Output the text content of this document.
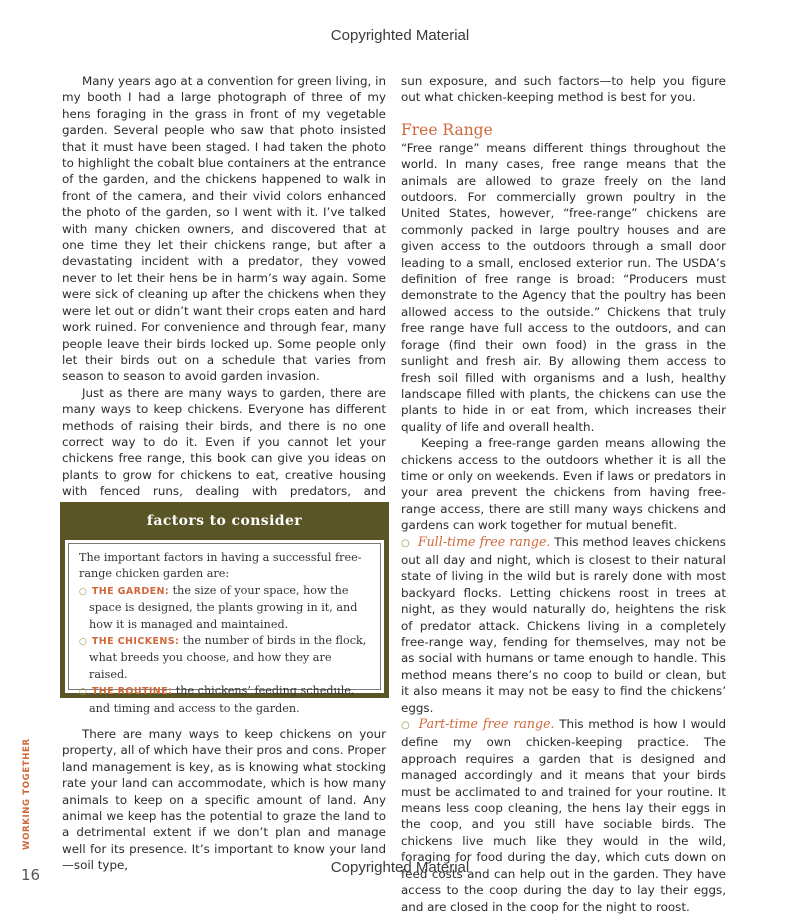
Copyrighted Material

Many years ago at a convention for green living, in my booth I had a large photograph of three of my hens foraging in the grass in front of my vegetable garden. Several people who saw that photo insisted that it must have been staged. I had taken the photo to highlight the cobalt blue containers at the entrance of the garden, and the chickens happened to walk in front of the camera, and their vivid colors enhanced the photo of the garden, so I went with it. I’ve talked with many chicken owners, and discovered that at one time they let their chickens range, but after a devastating incident with a predator, they vowed never to let their hens be in harm’s way again. Some were sick of cleaning up after the chickens when they were let out or didn’t want their crops eaten and hard work ruined. For convenience and through fear, many people leave their birds locked up. Some people only let their birds out on a schedule that varies from season to season to avoid garden invasion.

Just as there are many ways to garden, there are many ways to keep chickens. Everyone has different methods of raising their birds, and there is no one correct way to do it. Even if you cannot let your chickens free range, this book can give you ideas on plants to grow for chickens to eat, creative housing with fenced runs, dealing with predators, and

factors to consider

The important factors in having a successful free-range chicken garden are:

○ THE GARDEN: the size of your space, how the space is designed, the plants growing in it, and how it is managed and maintained.

○ THE CHICKENS: the number of birds in the flock, what breeds you choose, and how they are raised.

○ THE ROUTINE: the chickens’ feeding schedule, and timing and access to the garden.

There are many ways to keep chickens on your property, all of which have their pros and cons. Proper land management is key, as is knowing what stocking rate your land can accommodate, which is how many animals to keep on a specific amount of land. Any animal we keep has the potential to graze the land to a detrimental extent if we don’t plan and manage well for its presence. It’s important to know your land—soil type,

sun exposure, and such factors—to help you figure out what chicken-keeping method is best for you.

Free Range

“Free range” means different things throughout the world. In many cases, free range means that the animals are allowed to graze freely on the land outdoors. For commercially grown poultry in the United States, however, “free-range” chickens are commonly packed in large poultry houses and are given access to the outdoors through a small door leading to a small, enclosed exterior run. The USDA’s definition of free range is broad: “Producers must demonstrate to the Agency that the poultry has been allowed access to the outside.” Chickens that truly free range have full access to the outdoors, and can forage (find their own food) in the grass in the sunlight and fresh air. By allowing them access to fresh soil filled with organisms and a lush, healthy landscape filled with plants, the chickens can use the plants to hide in or eat from, which increases their quality of life and overall health.

Keeping a free-range garden means allowing the chickens access to the outdoors whether it is all the time or only on weekends. Even if laws or predators in your area prevent the chickens from having free-range access, there are still many ways chickens and gardens can work together for mutual benefit.

○ Full-time free range. This method leaves chickens out all day and night, which is closest to their natural state of living in the wild but is rarely done with most backyard flocks. Letting chickens roost in trees at night, as they would naturally do, heightens the risk of predator attack. Chickens living in a completely free-range way, fending for themselves, may not be as social with humans or tame enough to handle. This method means there’s no coop to build or clean, but it also means it may not be easy to find the chickens’ eggs.

○ Part-time free range. This method is how I would define my own chicken-keeping practice. The approach requires a garden that is designed and managed accordingly and it means that your birds must be acclimated to and trained for your routine. It means less coop cleaning, the hens lay their eggs in the coop, and you still have sociable birds. The chickens live much like they would in the wild, foraging for food during the day, which cuts down on feed costs and can help out in the garden. They have access to the coop during the day to lay their eggs, and are closed in the coop for the night to roost.

WORKING TOGETHER
16	Copyrighted Material
